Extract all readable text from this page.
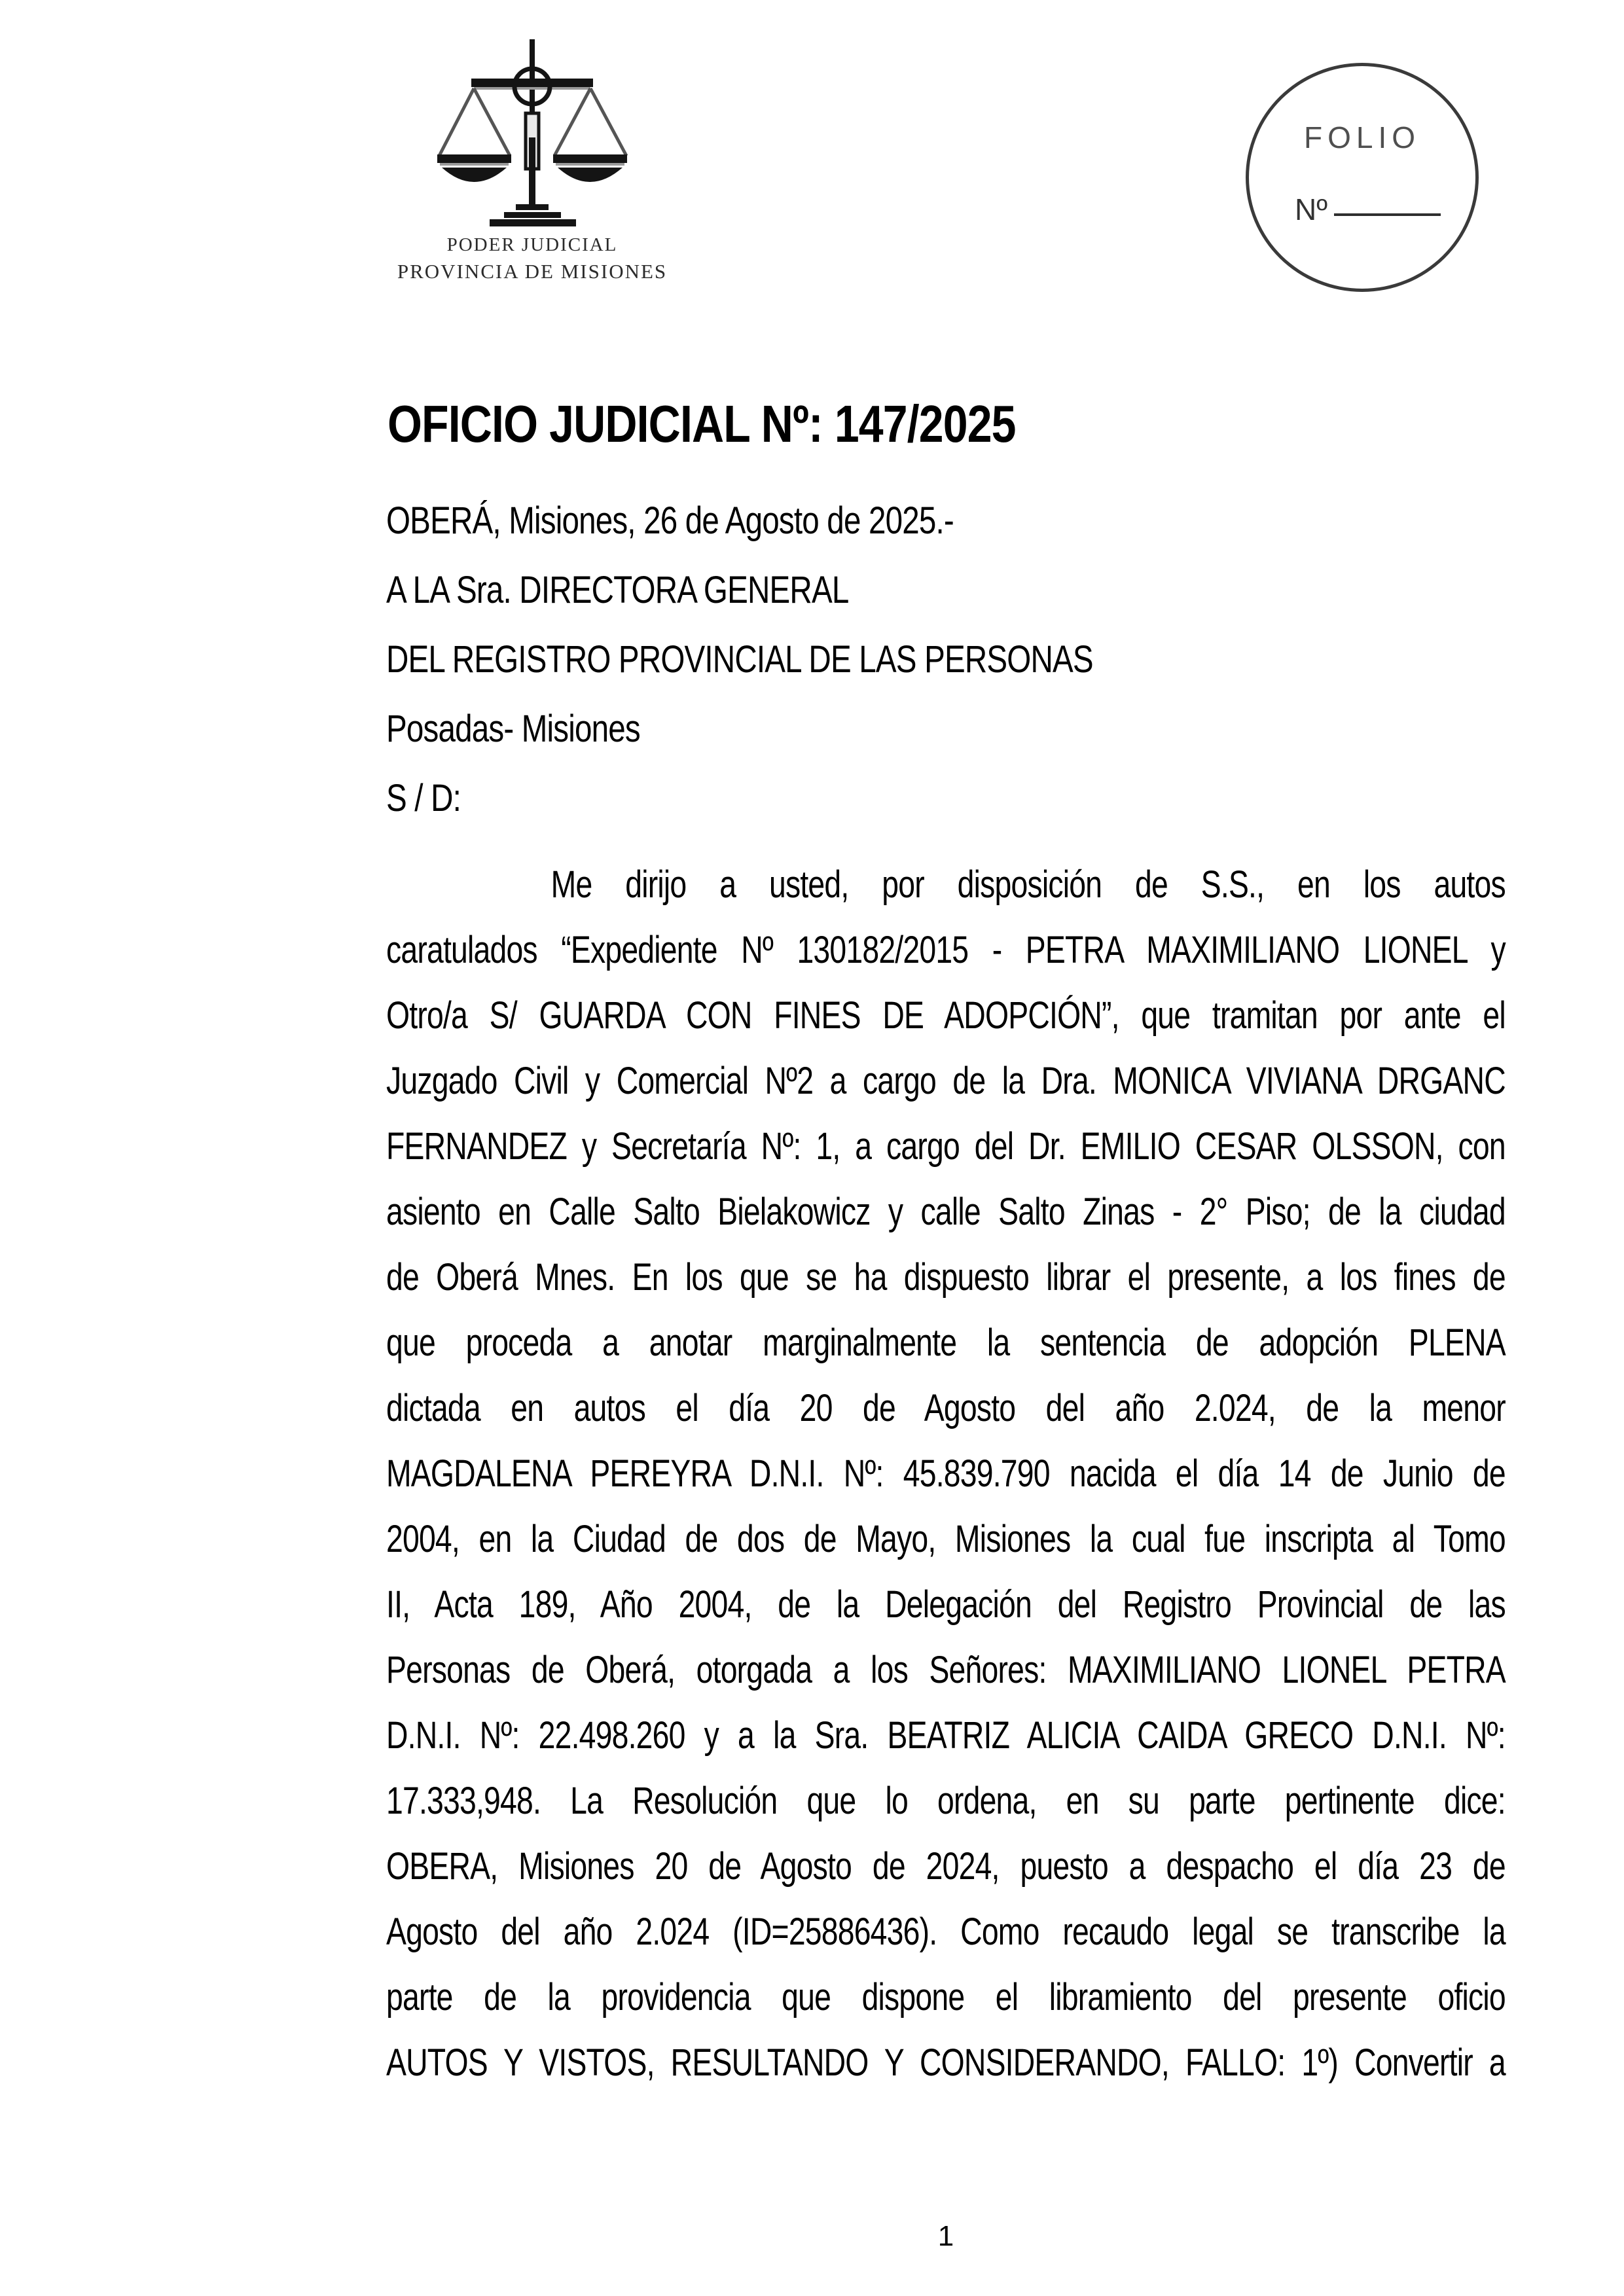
PODER JUDICIAL
PROVINCIA DE MISIONES
FOLIO
Nº
OFICIO JUDICIAL Nº: 147/2025
OBERÁ, Misiones, 26 de Agosto de 2025.-
A LA Sra. DIRECTORA GENERAL
DEL REGISTRO PROVINCIAL DE LAS PERSONAS
Posadas- Misiones
S / D:
Me dirijo a usted, por disposición de S.S., en los autos
caratulados “Expediente Nº 130182/2015 - PETRA MAXIMILIANO LIONEL y
Otro/a S/ GUARDA CON FINES DE ADOPCIÓN”, que tramitan por ante el
Juzgado Civil y Comercial Nº2 a cargo de la Dra. MONICA VIVIANA DRGANC
FERNANDEZ y Secretaría Nº: 1, a cargo del Dr. EMILIO CESAR OLSSON, con
asiento en Calle Salto Bielakowicz y calle Salto Zinas - 2° Piso; de la ciudad
de Oberá Mnes. En los que se ha dispuesto librar el presente, a los fines de
que proceda a anotar marginalmente la sentencia de adopción PLENA
dictada en autos el día 20 de Agosto del año 2.024, de la menor
MAGDALENA PEREYRA D.N.I. Nº: 45.839.790 nacida el día 14 de Junio de
2004, en la Ciudad de dos de Mayo, Misiones la cual fue inscripta al Tomo
II, Acta 189, Año 2004, de la Delegación del Registro Provincial de las
Personas de Oberá, otorgada a los Señores: MAXIMILIANO LIONEL PETRA
D.N.I. Nº: 22.498.260 y a la Sra. BEATRIZ ALICIA CAIDA GRECO D.N.I. Nº:
17.333,948. La Resolución que lo ordena, en su parte pertinente dice:
OBERA, Misiones 20 de Agosto de 2024, puesto a despacho el día 23 de
Agosto del año 2.024 (ID=25886436). Como recaudo legal se transcribe la
parte de la providencia que dispone el libramiento del presente oficio
AUTOS Y VISTOS, RESULTANDO Y CONSIDERANDO, FALLO: 1º) Convertir a
1
